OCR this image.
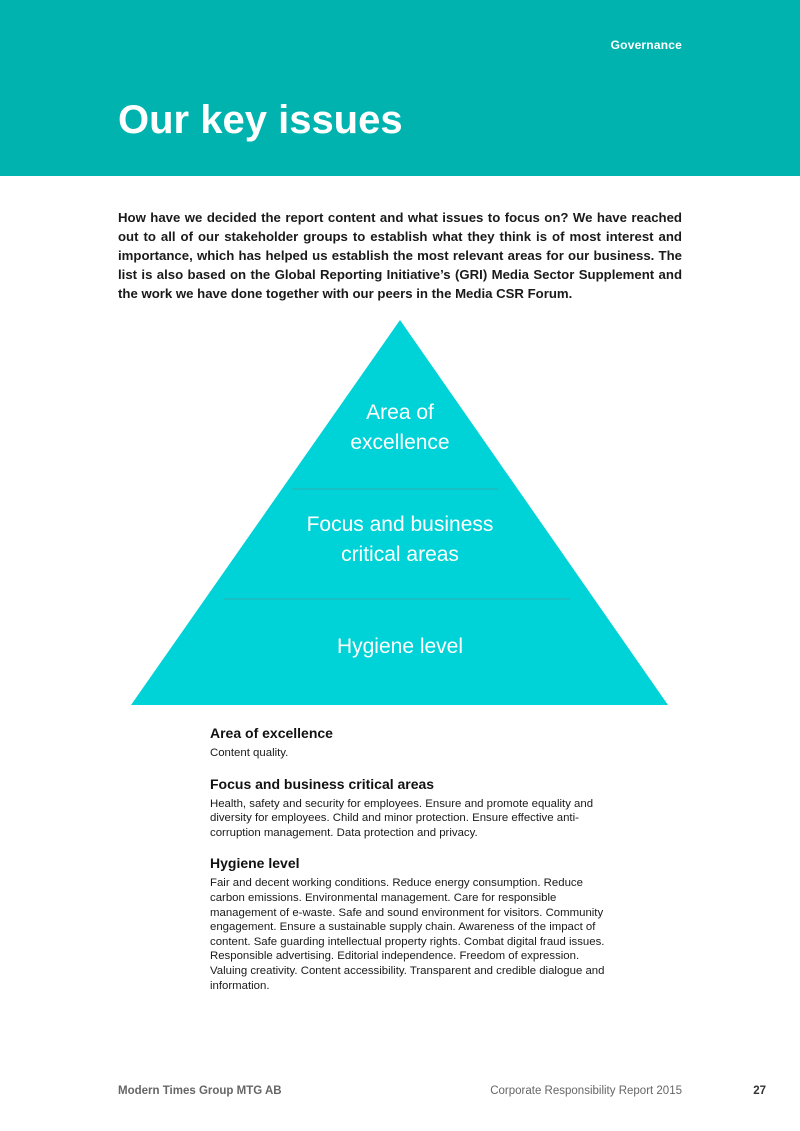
Governance
Our key issues

How have we decided the report content and what issues to focus on? We have reached out to all of our stakeholder groups to establish what they think is of most interest and importance, which has helped us establish the most relevant areas for our business. The list is also based on the Global Reporting Initiative’s (GRI) Media Sector Supplement and the work we have done together with our peers in the Media CSR Forum.

Area of
excellence
Focus and business
critical areas
Hygiene level
Area of excellence

Content quality.

Focus and business critical areas

Health, safety and security for employees. Ensure and promote equality and diversity for employees. Child and minor protection. Ensure effective anti-corruption management. Data protection and privacy.

Hygiene level

Fair and decent working conditions. Reduce energy consumption. Reduce carbon emissions. Environmental management. Care for responsible management of e-waste. Safe and sound environment for visitors. Community engagement. Ensure a sustainable supply chain. Awareness of the impact of content. Safe guarding intellectual property rights. Combat digital fraud issues. Responsible advertising. Editorial independence. Freedom of expression. Valuing creativity. Content accessibility. Transparent and credible dialogue and information.

Modern Times Group MTG AB	Corporate Responsibility Report 2015	27
